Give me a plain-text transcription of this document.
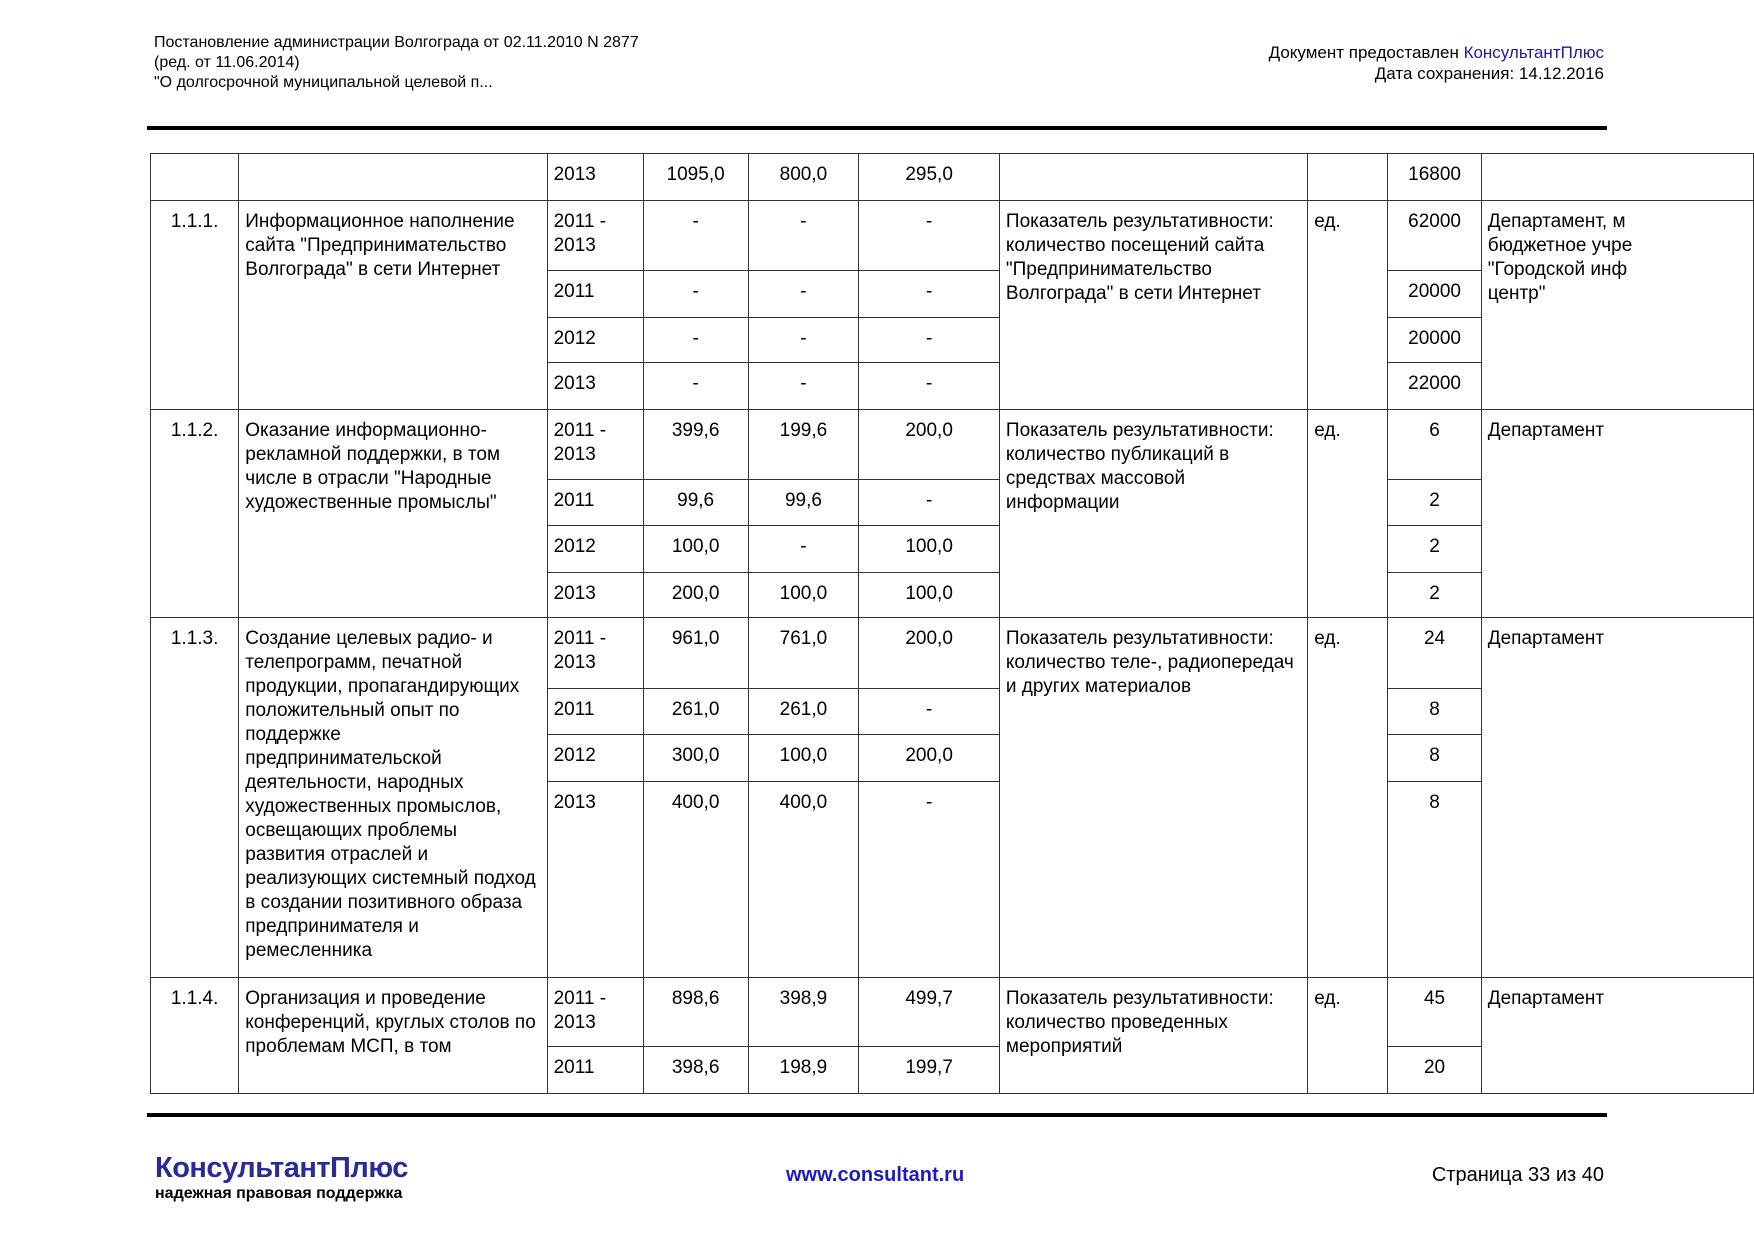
Постановление администрации Волгограда от 02.11.2010 N 2877
(ред. от 11.06.2014)
"О долгосрочной муниципальной целевой п...
Документ предоставлен КонсультантПлюс
Дата сохранения: 14.12.2016
		2013	1095,0	800,0	295,0			16800	
1.1.1.	Информационное наполнение сайта "Предпринимательство Волгограда" в сети Интернет	2011 - 2013	-	-	-	Показатель результативности: количество посещений сайта "Предпринимательство Волгограда" в сети Интернет	ед.	62000	Департамент, м
бюджетное учре
"Городской инф
центр"

		2011	-	-	-			20000	
		2012	-	-	-			20000	
		2013	-	-	-			22000	
1.1.2.	Оказание информационно-рекламной поддержки, в том числе в отрасли "Народные художественные промыслы"	2011 - 2013	399,6	199,6	200,0	Показатель результативности: количество публикаций в средствах массовой информации	ед.	6	Департамент

		2011	99,6	99,6	-			2	
		2012	100,0	-	100,0			2	
		2013	200,0	100,0	100,0			2	
1.1.3.	Создание целевых радио- и телепрограмм, печатной продукции, пропагандирующих положительный опыт по поддержке предпринимательской деятельности, народных художественных промыслов, освещающих проблемы развития отраслей и реализующих системный подход в создании позитивного образа предпринимателя и ремесленника	2011 - 2013	961,0	761,0	200,0	Показатель результативности: количество теле-, радиопередач и других материалов	ед.	24	Департамент

		2011	261,0	261,0	-			8	
		2012	300,0	100,0	200,0			8	
		2013	400,0	400,0	-			8	
1.1.4.	Организация и проведение конференций, круглых столов по проблемам МСП, в том	2011 - 2013	898,6	398,9	499,7	Показатель результативности: количество проведенных мероприятий	ед.	45	Департамент

		2011	398,6	198,9	199,7			20	
КонсультантПлюс
надежная правовая поддержка
www.consultant.ru	Страница 33 из 40
